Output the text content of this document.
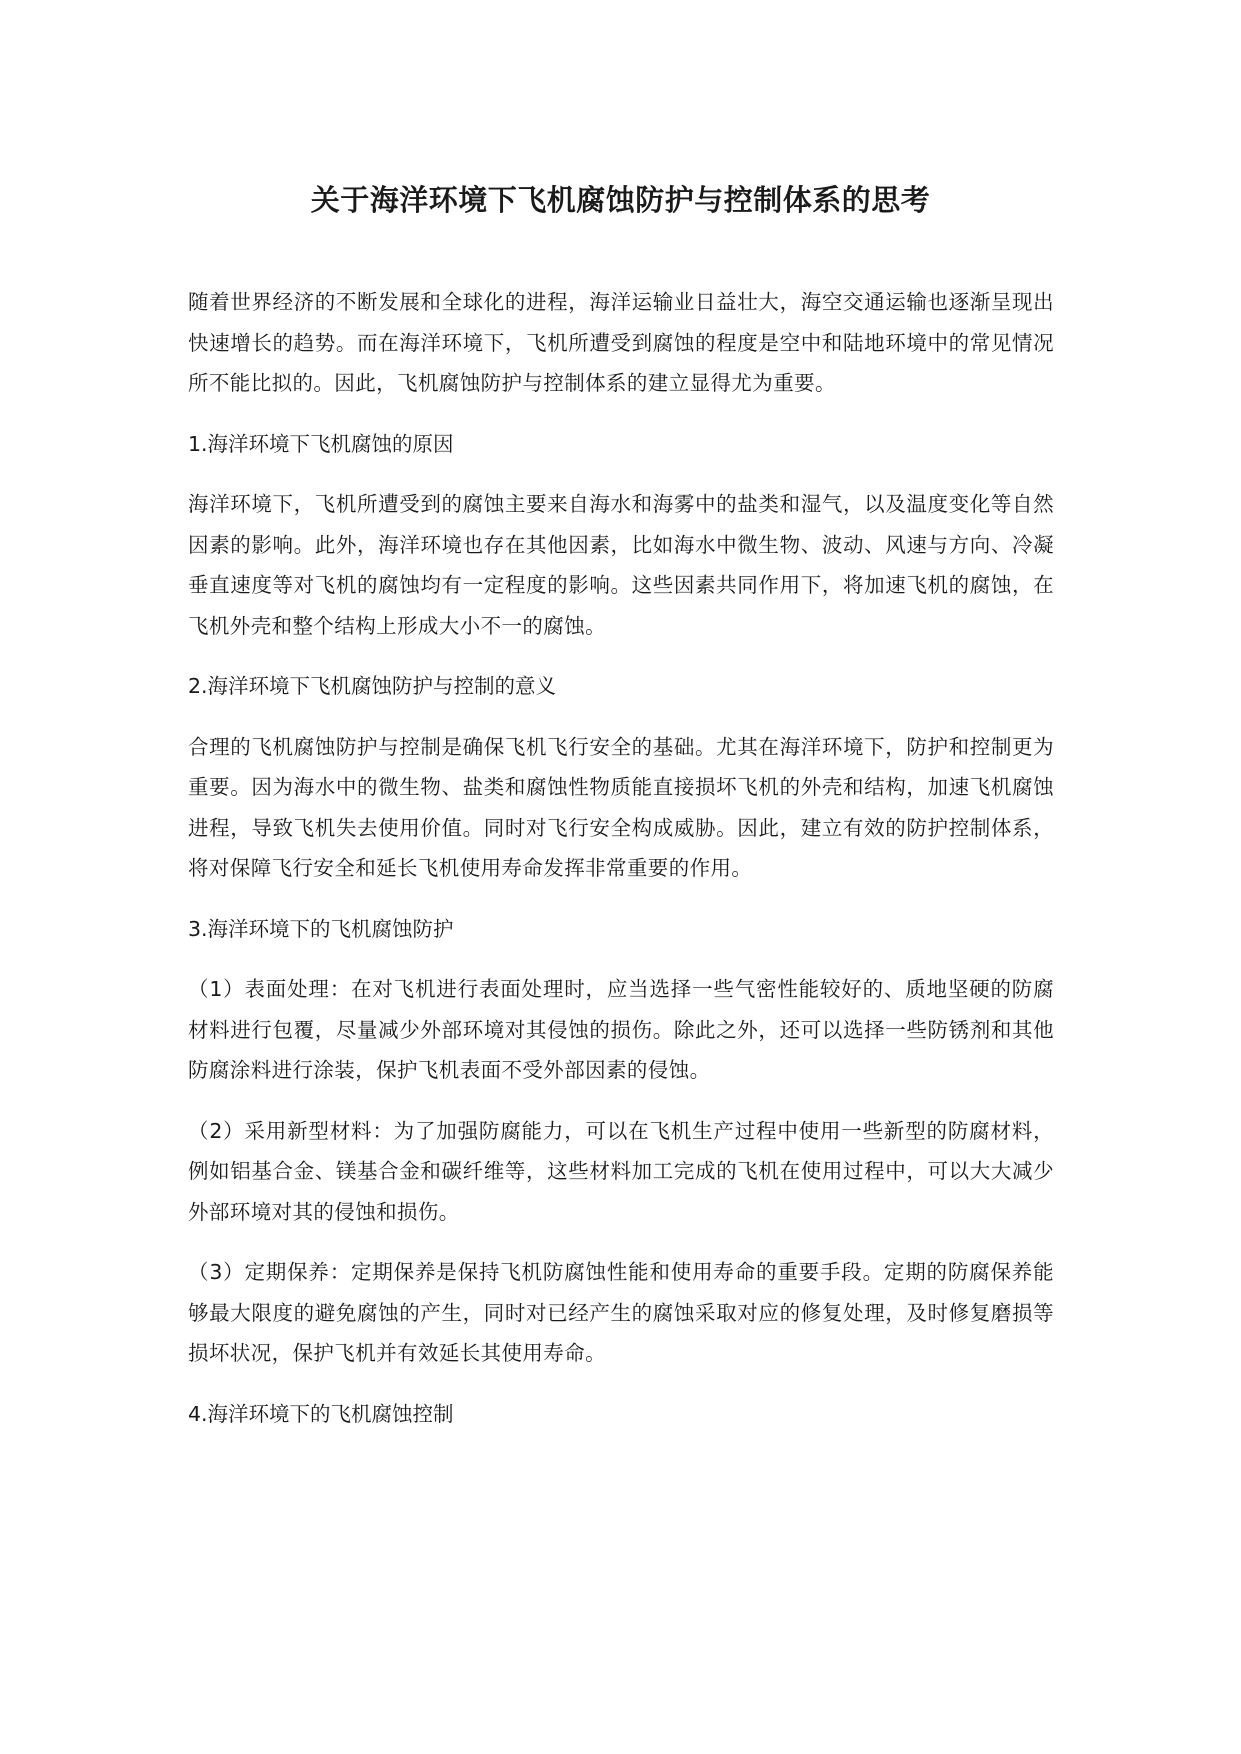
关于海洋环境下飞机腐蚀防护与控制体系的思考

随着世界经济的不断发展和全球化的进程，海洋运输业日益壮大，海空交通运输也逐渐呈现出快速增长的趋势。而在海洋环境下，飞机所遭受到腐蚀的程度是空中和陆地环境中的常见情况所不能比拟的。因此，飞机腐蚀防护与控制体系的建立显得尤为重要。

1.海洋环境下飞机腐蚀的原因

海洋环境下，飞机所遭受到的腐蚀主要来自海水和海雾中的盐类和湿气，以及温度变化等自然因素的影响。此外，海洋环境也存在其他因素，比如海水中微生物、波动、风速与方向、冷凝垂直速度等对飞机的腐蚀均有一定程度的影响。这些因素共同作用下，将加速飞机的腐蚀，在飞机外壳和整个结构上形成大小不一的腐蚀。

2.海洋环境下飞机腐蚀防护与控制的意义

合理的飞机腐蚀防护与控制是确保飞机飞行安全的基础。尤其在海洋环境下，防护和控制更为重要。因为海水中的微生物、盐类和腐蚀性物质能直接损坏飞机的外壳和结构，加速飞机腐蚀进程，导致飞机失去使用价值。同时对飞行安全构成威胁。因此，建立有效的防护控制体系，将对保障飞行安全和延长飞机使用寿命发挥非常重要的作用。

3.海洋环境下的飞机腐蚀防护

（1）表面处理：在对飞机进行表面处理时，应当选择一些气密性能较好的、质地坚硬的防腐材料进行包覆，尽量减少外部环境对其侵蚀的损伤。除此之外，还可以选择一些防锈剂和其他防腐涂料进行涂装，保护飞机表面不受外部因素的侵蚀。

（2）采用新型材料：为了加强防腐能力，可以在飞机生产过程中使用一些新型的防腐材料，例如铝基合金、镁基合金和碳纤维等，这些材料加工完成的飞机在使用过程中，可以大大减少外部环境对其的侵蚀和损伤。

（3）定期保养：定期保养是保持飞机防腐蚀性能和使用寿命的重要手段。定期的防腐保养能够最大限度的避免腐蚀的产生，同时对已经产生的腐蚀采取对应的修复处理，及时修复磨损等损坏状况，保护飞机并有效延长其使用寿命。

4.海洋环境下的飞机腐蚀控制
